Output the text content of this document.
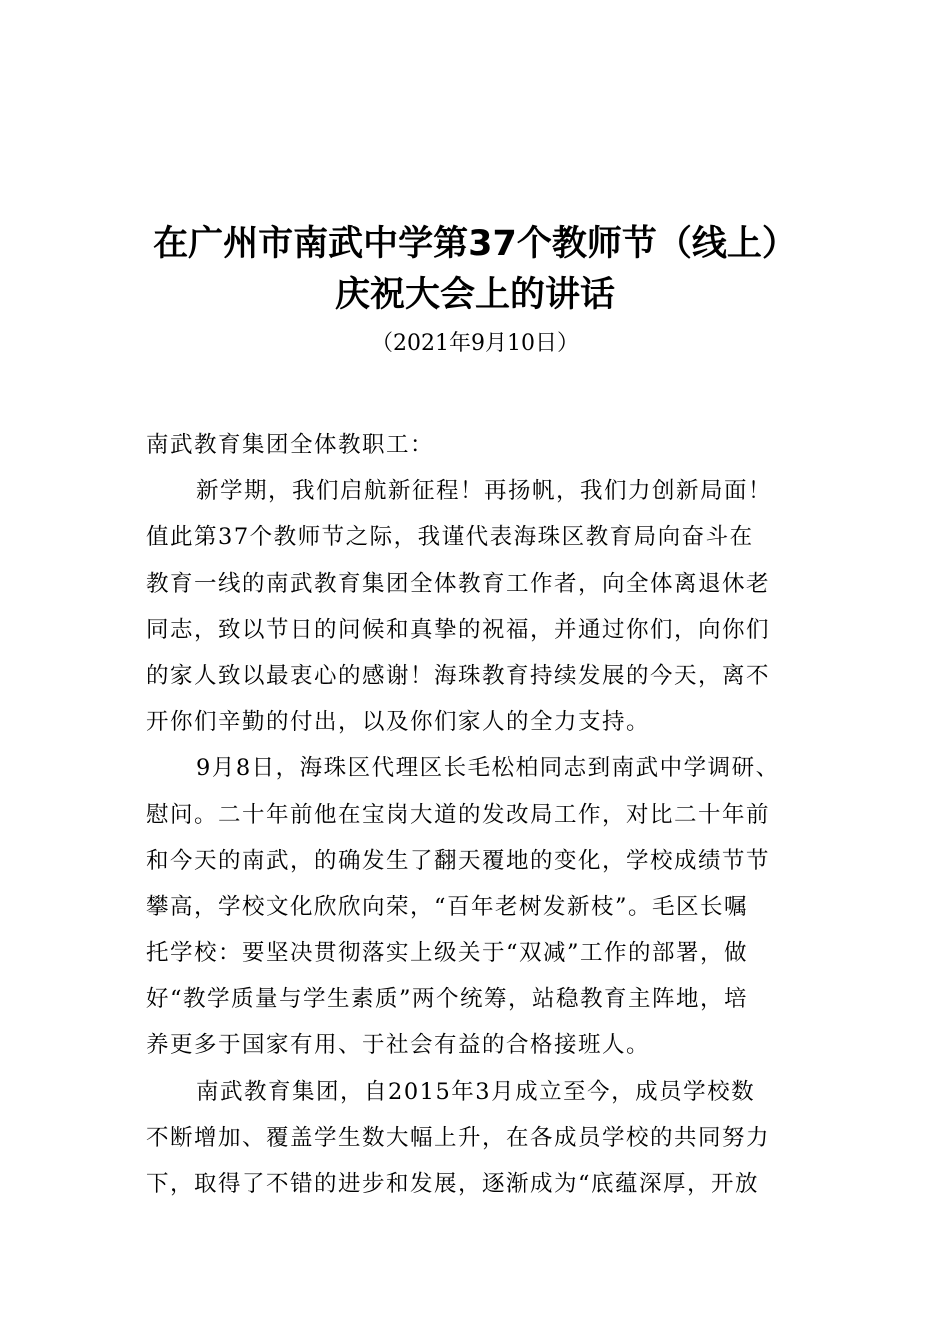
在广州市南武中学第37个教师节（线上）
庆祝大会上的讲话
（2021年9月10日）
南武教育集团全体教职工：
新学期，我们启航新征程！再扬帆，我们力创新局面！
值此第37个教师节之际，我谨代表海珠区教育局向奋斗在
教育一线的南武教育集团全体教育工作者，向全体离退休老
同志，致以节日的问候和真挚的祝福，并通过你们，向你们
的家人致以最衷心的感谢！海珠教育持续发展的今天，离不
开你们辛勤的付出，以及你们家人的全力支持。
9月8日，海珠区代理区长毛松柏同志到南武中学调研、
慰问。二十年前他在宝岗大道的发改局工作，对比二十年前
和今天的南武，的确发生了翻天覆地的变化，学校成绩节节
攀高，学校文化欣欣向荣，“百年老树发新枝”。毛区长嘱
托学校：要坚决贯彻落实上级关于“双减”工作的部署，做
好“教学质量与学生素质”两个统筹，站稳教育主阵地，培
养更多于国家有用、于社会有益的合格接班人。
南武教育集团，自2015年3月成立至今，成员学校数
不断增加、覆盖学生数大幅上升，在各成员学校的共同努力
下，取得了不错的进步和发展，逐渐成为“底蕴深厚，开放
